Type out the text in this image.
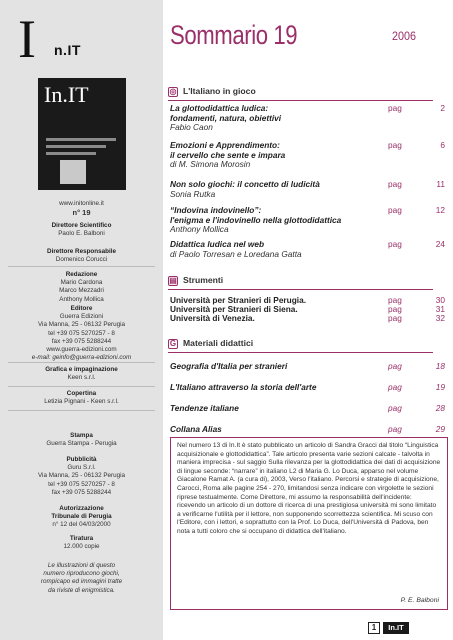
I n.IT
In.IT
www.initonline.it
n° 19
Direttore Scientifico
Paolo E. Balboni
Direttore Responsabile
Domenico Corucci
Redazione
Mario Cardona
Marco Mezzadri
Anthony Mollica
Editore
Guerra Edizioni
Via Manna, 25 - 06132 Perugia
tel +39 075 5270257 - 8
fax +39 075 5288244
www.guerra-edizioni.com
e-mail: geinfo@guerra-edizioni.com
Grafica e impaginazione
Keen s.r.l.
Copertina
Letizia Pignani - Keen s.r.l.
Stampa
Guerra Stampa - Perugia
Pubblicità
Guru S.r.l.
Via Manna, 25 - 06132 Perugia
tel +39 075 5270257 - 8
fax +39 075 5288244
Autorizzazione
Tribunale di Perugia
n° 12 del 04/03/2000
Tiratura
12.000 copie
Le illustrazioni di questo
numero riproducono giochi,
rompicapo ed immagini tratte
da riviste di enigmistica.
Sommario 19	2006
◎ L'Italiano in gioco
La glottodidattica ludica:
fondamenti, natura, obiettivi
Fabio Caon
pag	2
Emozioni e Apprendimento:
il cervello che sente e impara
di M. Simona Morosin
pag	6
Non solo giochi: il concetto di ludicità
Sonia Rutka
pag	11
“Indovina indovinello”:
l'enigma e l'indovinello nella glottodidattica
Anthony Mollica
pag	12
Didattica ludica nel web
di Paolo Torresan e Loredana Gatta
pag	24
▤ Strumenti
Università per Stranieri di Perugia.	pag	30
Università per Stranieri di Siena.	pag	31
Università di Venezia.	pag	32
G Materiali didattici
Geografia d'Italia per stranieri	pag	18
L'Italiano attraverso la storia dell'arte	pag	19
Tendenze italiane	pag	28
Collana Alias	pag	29

Nel numero 13 di In.It è stato pubblicato un articolo di Sandra Gracci dal titolo “Linguistica acquisizionale e glottodidattica”. Tale articolo presenta varie sezioni calcate - talvolta in maniera imprecisa - sul saggio Sulla rilevanza per la glottodidattica dei dati di acquisizione di lingue seconde: “narrare” in italiano L2 di Maria G. Lo Duca, apparso nel volume Giacalone Ramat A. (a cura di), 2003, Verso l'italiano. Percorsi e strategie di acquisizione, Carocci, Roma alle pagine 254 - 270, limitandosi senza indicare con virgolette le sezioni riprese testualmente. Come Direttore, mi assumo la responsabilità dell'incidente: ricevendo un articolo di un dottore di ricerca di una prestigiosa università mi sono limitato a verificarne l'utilità per il lettore, non supponendo scorrettezza scientifica. Mi scuso con l'Editore, con i lettori, e soprattutto con la Prof. Lo Duca, dell'Università di Padova, ben nota a tutti coloro che si occupano di didattica dell'italiano.

P. E. Balboni
1	In.IT
